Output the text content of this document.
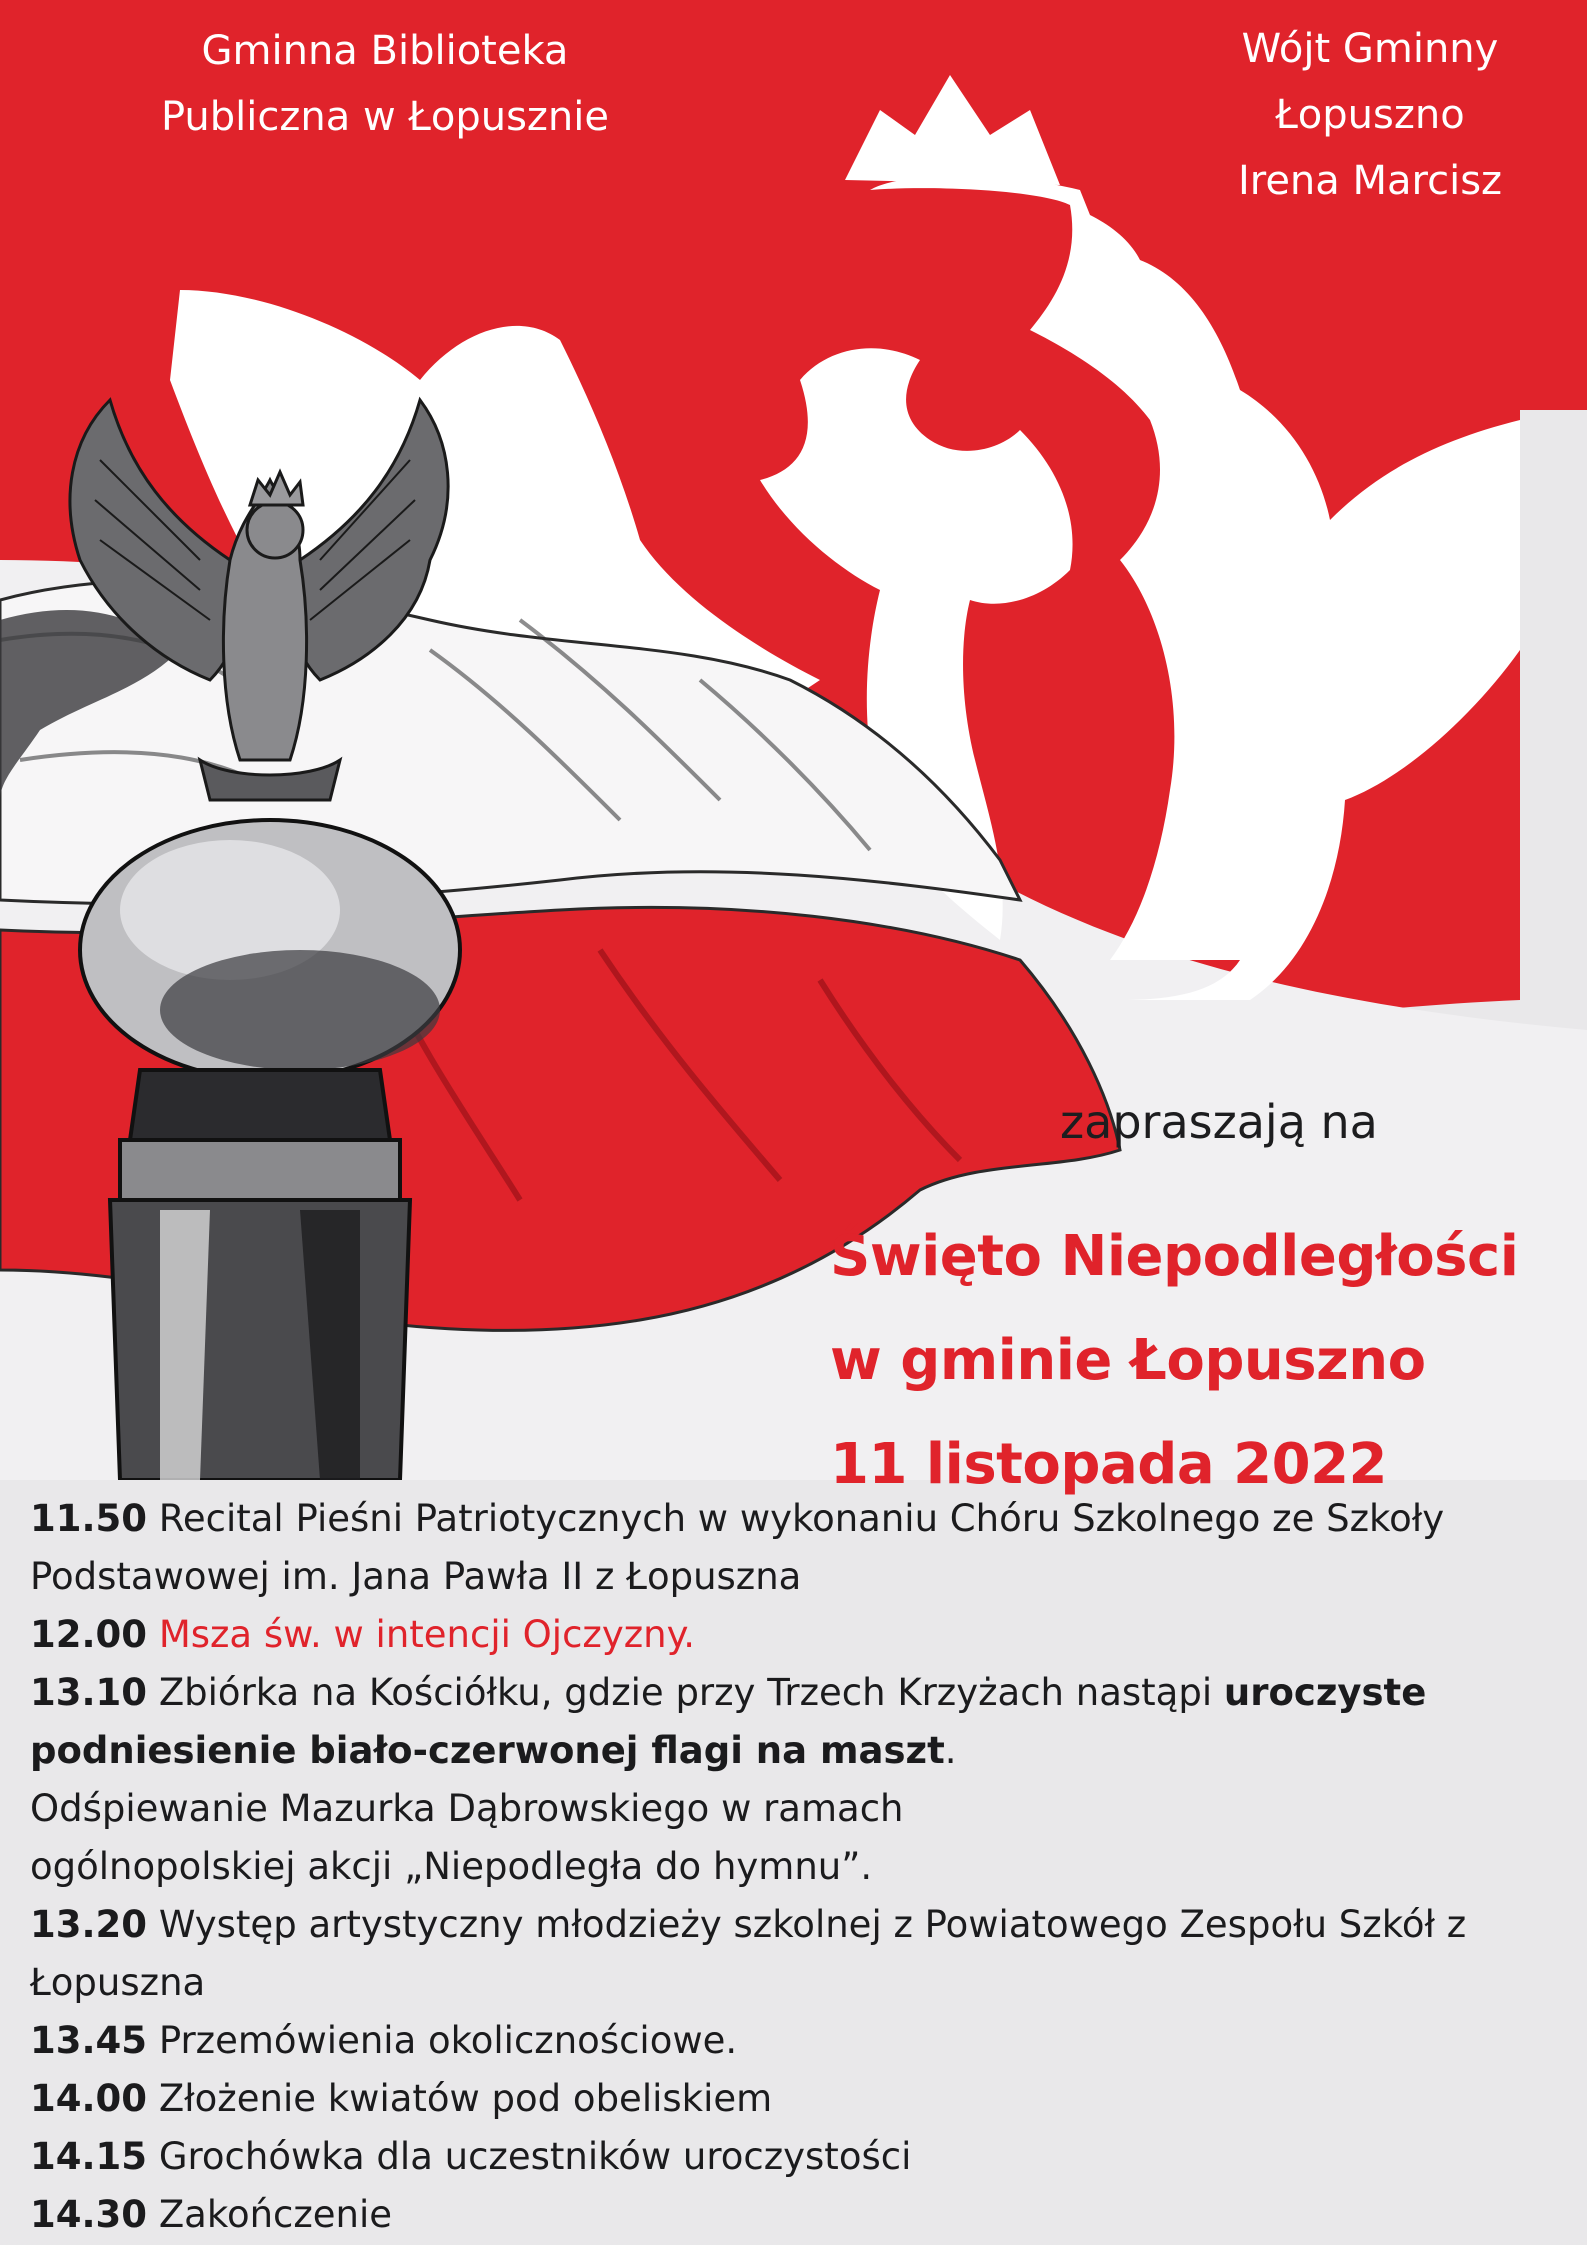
Gminna Biblioteka
Publiczna w Łopusznie
Wójt Gminny
Łopuszno
Irena Marcisz

zapraszają na

Święto Niepodległości
w gminie Łopuszno
11 listopada 2022

11.50 Recital Pieśni Patriotycznych w wykonaniu Chóru Szkolnego ze Szkoły

Podstawowej im. Jana Pawła II z Łopuszna

12.00 Msza św. w intencji Ojczyzny.

13.10 Zbiórka na Kościółku, gdzie przy Trzech Krzyżach nastąpi uroczyste

podniesienie biało-czerwonej flagi na maszt.

Odśpiewanie Mazurka Dąbrowskiego w ramach

ogólnopolskiej akcji „Niepodległa do hymnu”.

13.20 Występ artystyczny młodzieży szkolnej z Powiatowego Zespołu Szkół z

Łopuszna

13.45 Przemówienia okolicznościowe.

14.00 Złożenie kwiatów pod obeliskiem

14.15 Grochówka dla uczestników uroczystości

14.30 Zakończenie
